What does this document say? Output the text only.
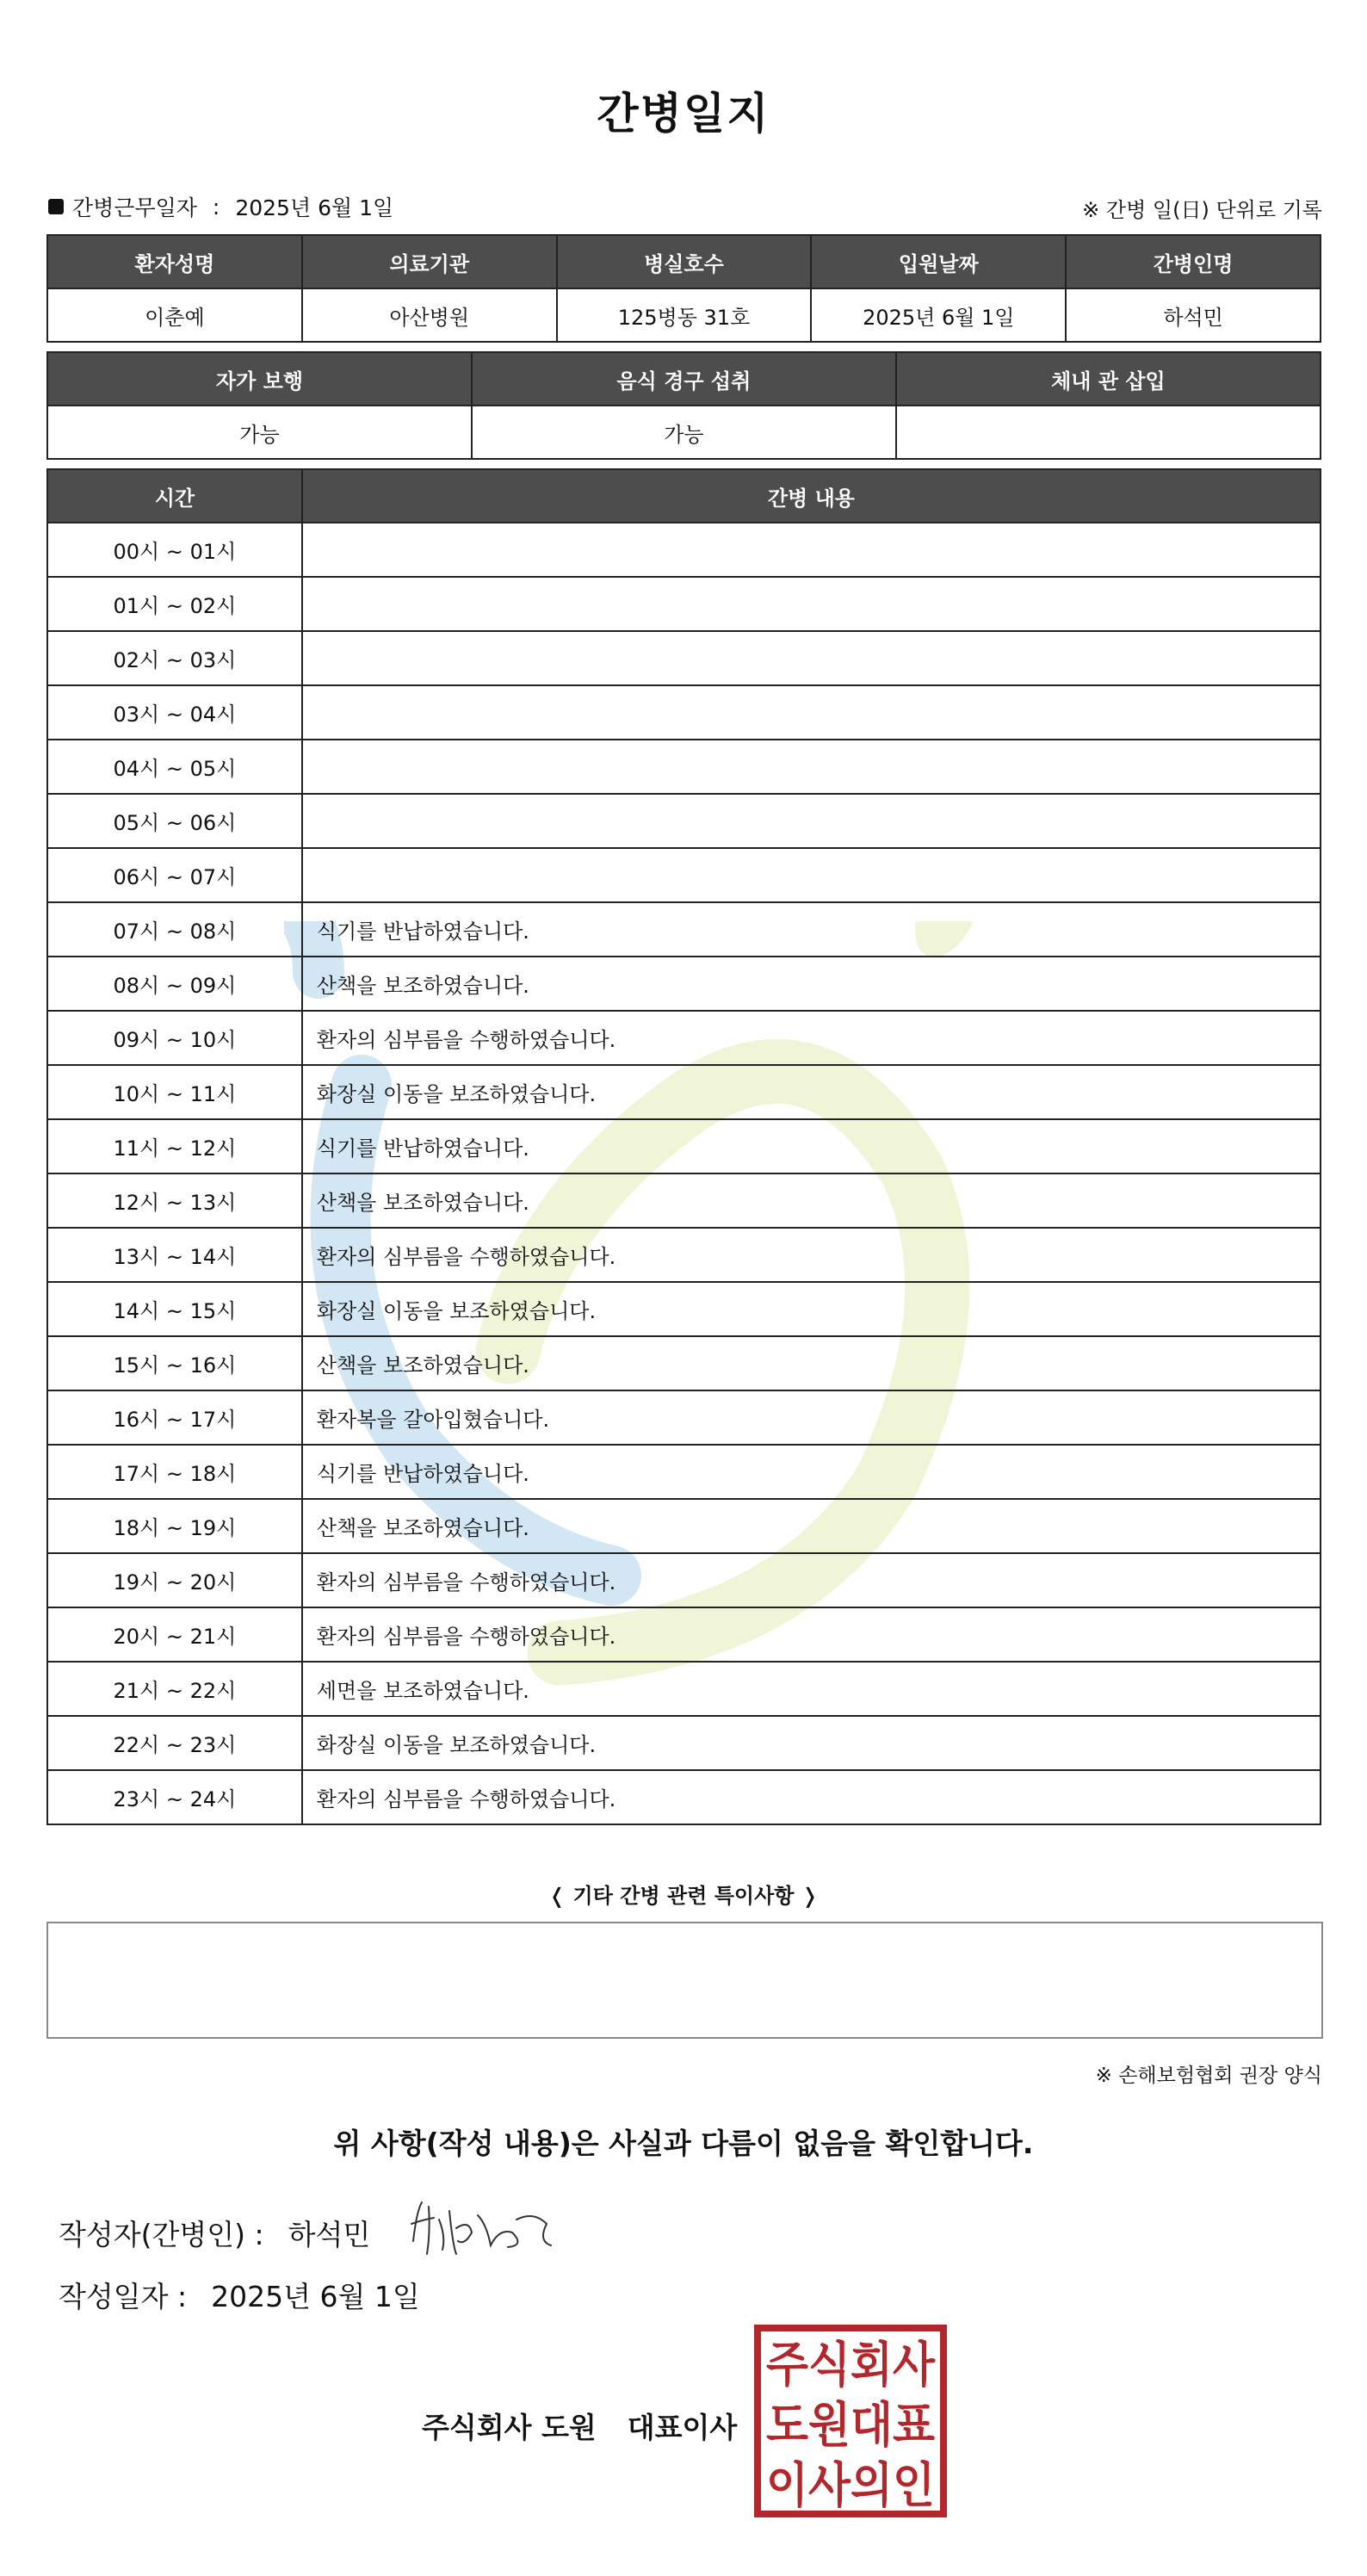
간병일지
간병근무일자 : 2025년 6월 1일	※ 간병 일(日) 단위로 기록
환자성명	의료기관	병실호수	입원날짜	간병인명
이춘예	아산병원	125병동 31호	2025년 6월 1일	하석민
자가 보행	음식 경구 섭취	체내 관 삽입
가능	가능	
시간	간병 내용
00시 ~ 01시	
01시 ~ 02시	
02시 ~ 03시	
03시 ~ 04시	
04시 ~ 05시	
05시 ~ 06시	
06시 ~ 07시	
07시 ~ 08시	식기를 반납하였습니다.
08시 ~ 09시	산책을 보조하였습니다.
09시 ~ 10시	환자의 심부름을 수행하였습니다.
10시 ~ 11시	화장실 이동을 보조하였습니다.
11시 ~ 12시	식기를 반납하였습니다.
12시 ~ 13시	산책을 보조하였습니다.
13시 ~ 14시	환자의 심부름을 수행하였습니다.
14시 ~ 15시	화장실 이동을 보조하였습니다.
15시 ~ 16시	산책을 보조하였습니다.
16시 ~ 17시	환자복을 갈아입혔습니다.
17시 ~ 18시	식기를 반납하였습니다.
18시 ~ 19시	산책을 보조하였습니다.
19시 ~ 20시	환자의 심부름을 수행하였습니다.
20시 ~ 21시	환자의 심부름을 수행하였습니다.
21시 ~ 22시	세면을 보조하였습니다.
22시 ~ 23시	화장실 이동을 보조하였습니다.
23시 ~ 24시	환자의 심부름을 수행하였습니다.
❬ 기타 간병 관련 특이사항 ❭
※ 손해보험협회 권장 양식
위 사항(작성 내용)은 사실과 다름이 없음을 확인합니다.
작성자(간병인) : 하석민
작성일자 : 2025년 6월 1일
주식회사 도원 대표이사
주식회사
도원대표
이사의인
